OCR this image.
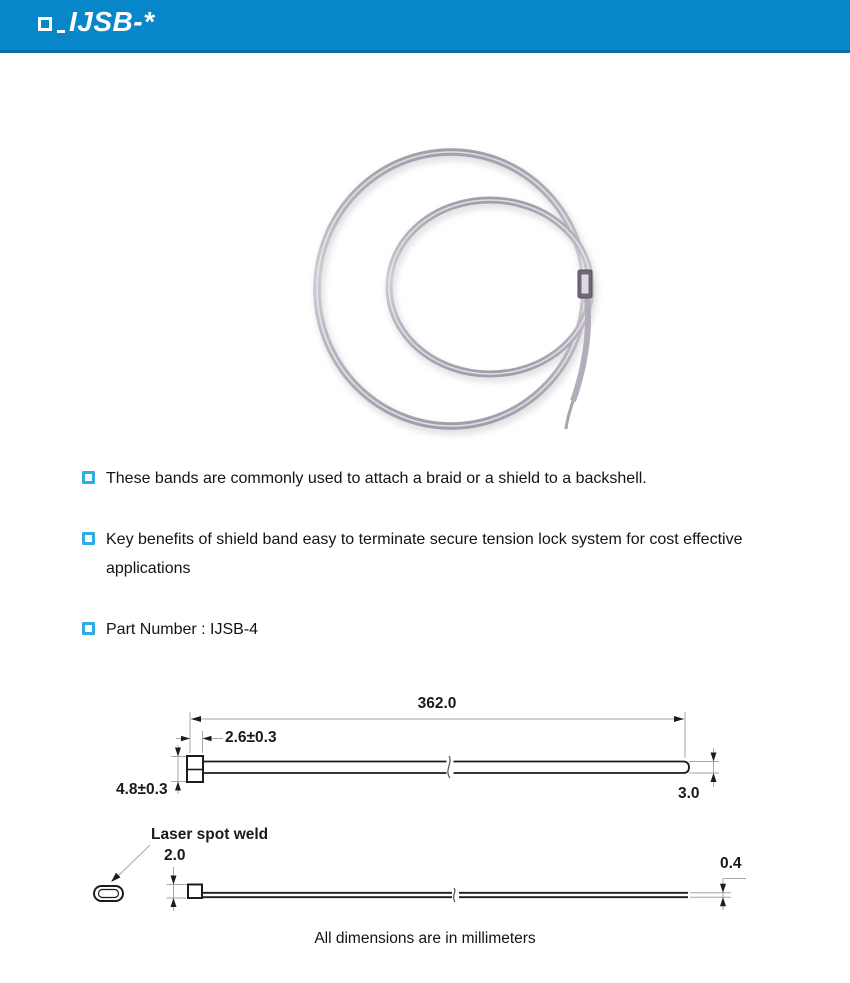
IJSB-*
These bands are commonly used to attach a braid or a shield to a backshell.
Key benefits of shield band easy to terminate secure tension lock system for cost effective
applications
Part Number : IJSB-4
362.0
2.6±0.3
4.8±0.3	3.0
Laser spot weld
2.0	0.4
All dimensions are in millimeters
